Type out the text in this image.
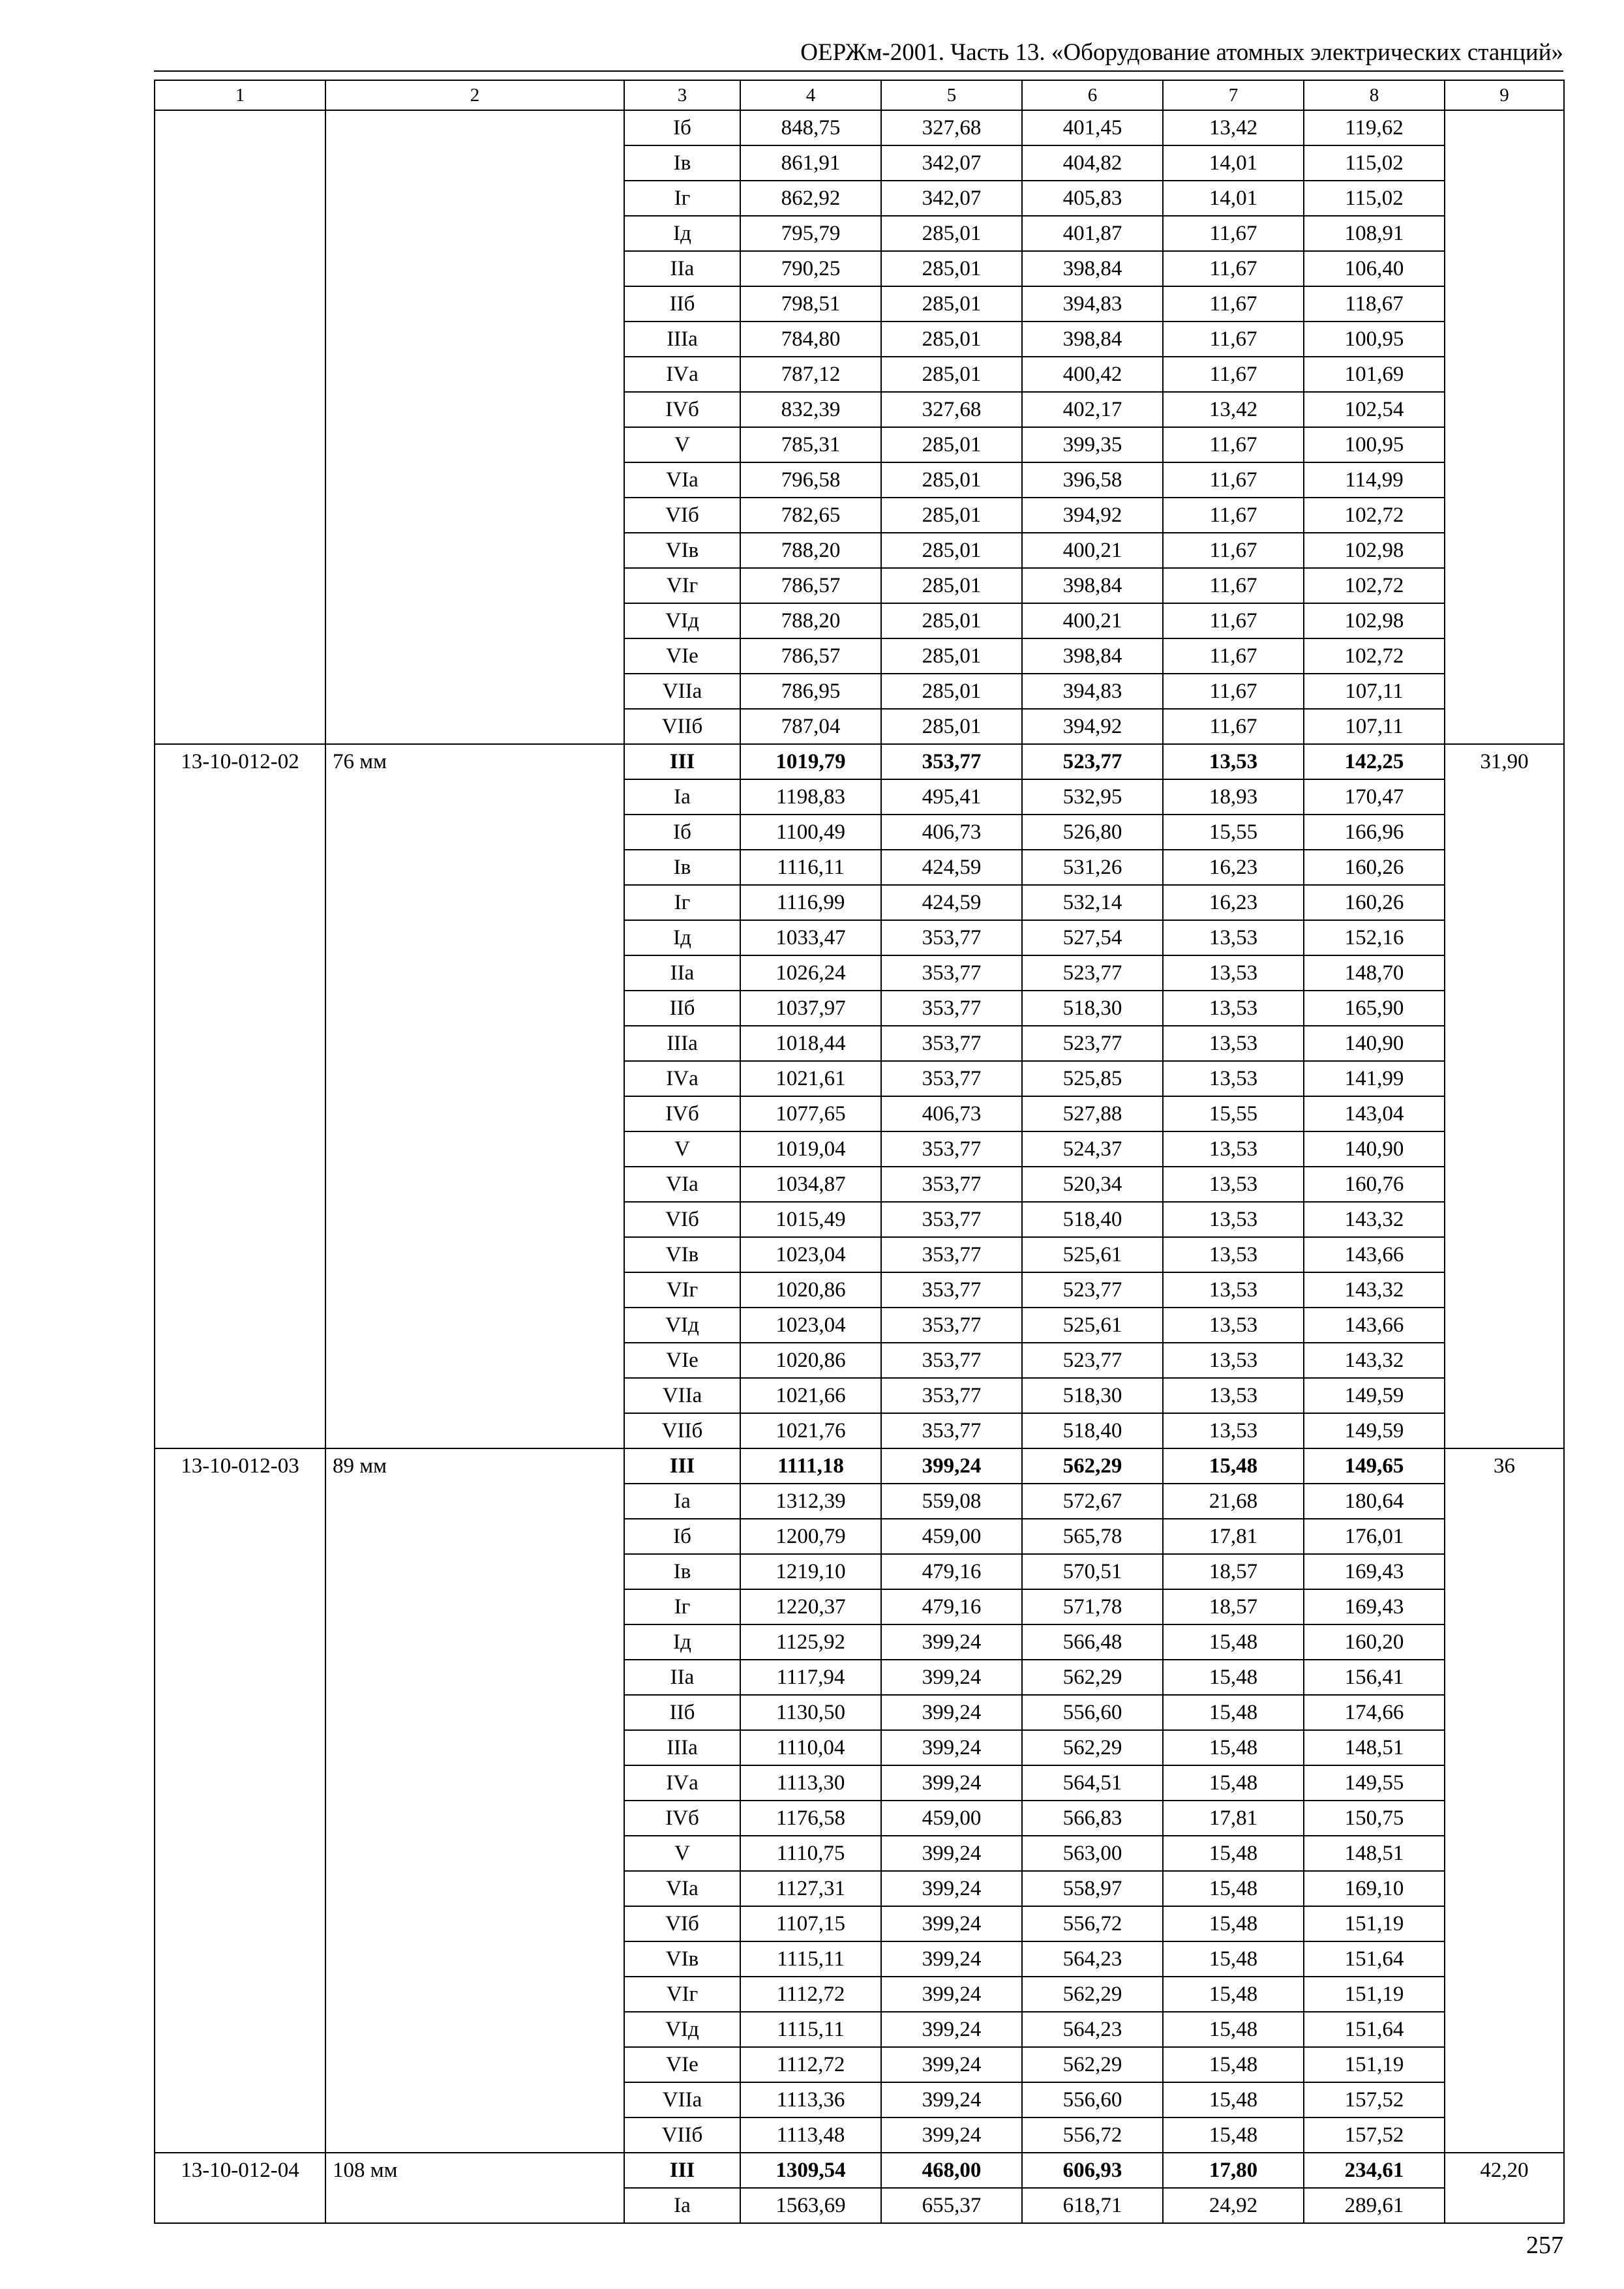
ОЕРЖм-2001. Часть 13. «Оборудование атомных электрических станций»
1	2	3	4	5	6	7	8	9
		Iб	848,75	327,68	401,45	13,42	119,62	
		Iв	861,91	342,07	404,82	14,01	115,02	
		Iг	862,92	342,07	405,83	14,01	115,02	
		Iд	795,79	285,01	401,87	11,67	108,91	
		IIа	790,25	285,01	398,84	11,67	106,40	
		IIб	798,51	285,01	394,83	11,67	118,67	
		IIIа	784,80	285,01	398,84	11,67	100,95	
		IVа	787,12	285,01	400,42	11,67	101,69	
		IVб	832,39	327,68	402,17	13,42	102,54	
		V	785,31	285,01	399,35	11,67	100,95	
		VIа	796,58	285,01	396,58	11,67	114,99	
		VIб	782,65	285,01	394,92	11,67	102,72	
		VIв	788,20	285,01	400,21	11,67	102,98	
		VIг	786,57	285,01	398,84	11,67	102,72	
		VIд	788,20	285,01	400,21	11,67	102,98	
		VIе	786,57	285,01	398,84	11,67	102,72	
		VIIа	786,95	285,01	394,83	11,67	107,11	
		VIIб	787,04	285,01	394,92	11,67	107,11	
13-10-012-02	76 мм	III	1019,79	353,77	523,77	13,53	142,25	31,90
		Iа	1198,83	495,41	532,95	18,93	170,47	
		Iб	1100,49	406,73	526,80	15,55	166,96	
		Iв	1116,11	424,59	531,26	16,23	160,26	
		Iг	1116,99	424,59	532,14	16,23	160,26	
		Iд	1033,47	353,77	527,54	13,53	152,16	
		IIа	1026,24	353,77	523,77	13,53	148,70	
		IIб	1037,97	353,77	518,30	13,53	165,90	
		IIIа	1018,44	353,77	523,77	13,53	140,90	
		IVа	1021,61	353,77	525,85	13,53	141,99	
		IVб	1077,65	406,73	527,88	15,55	143,04	
		V	1019,04	353,77	524,37	13,53	140,90	
		VIа	1034,87	353,77	520,34	13,53	160,76	
		VIб	1015,49	353,77	518,40	13,53	143,32	
		VIв	1023,04	353,77	525,61	13,53	143,66	
		VIг	1020,86	353,77	523,77	13,53	143,32	
		VIд	1023,04	353,77	525,61	13,53	143,66	
		VIе	1020,86	353,77	523,77	13,53	143,32	
		VIIа	1021,66	353,77	518,30	13,53	149,59	
		VIIб	1021,76	353,77	518,40	13,53	149,59	
13-10-012-03	89 мм	III	1111,18	399,24	562,29	15,48	149,65	36
		Iа	1312,39	559,08	572,67	21,68	180,64	
		Iб	1200,79	459,00	565,78	17,81	176,01	
		Iв	1219,10	479,16	570,51	18,57	169,43	
		Iг	1220,37	479,16	571,78	18,57	169,43	
		Iд	1125,92	399,24	566,48	15,48	160,20	
		IIа	1117,94	399,24	562,29	15,48	156,41	
		IIб	1130,50	399,24	556,60	15,48	174,66	
		IIIа	1110,04	399,24	562,29	15,48	148,51	
		IVа	1113,30	399,24	564,51	15,48	149,55	
		IVб	1176,58	459,00	566,83	17,81	150,75	
		V	1110,75	399,24	563,00	15,48	148,51	
		VIа	1127,31	399,24	558,97	15,48	169,10	
		VIб	1107,15	399,24	556,72	15,48	151,19	
		VIв	1115,11	399,24	564,23	15,48	151,64	
		VIг	1112,72	399,24	562,29	15,48	151,19	
		VIд	1115,11	399,24	564,23	15,48	151,64	
		VIе	1112,72	399,24	562,29	15,48	151,19	
		VIIа	1113,36	399,24	556,60	15,48	157,52	
		VIIб	1113,48	399,24	556,72	15,48	157,52	
13-10-012-04	108 мм	III	1309,54	468,00	606,93	17,80	234,61	42,20
		Iа	1563,69	655,37	618,71	24,92	289,61	
257
